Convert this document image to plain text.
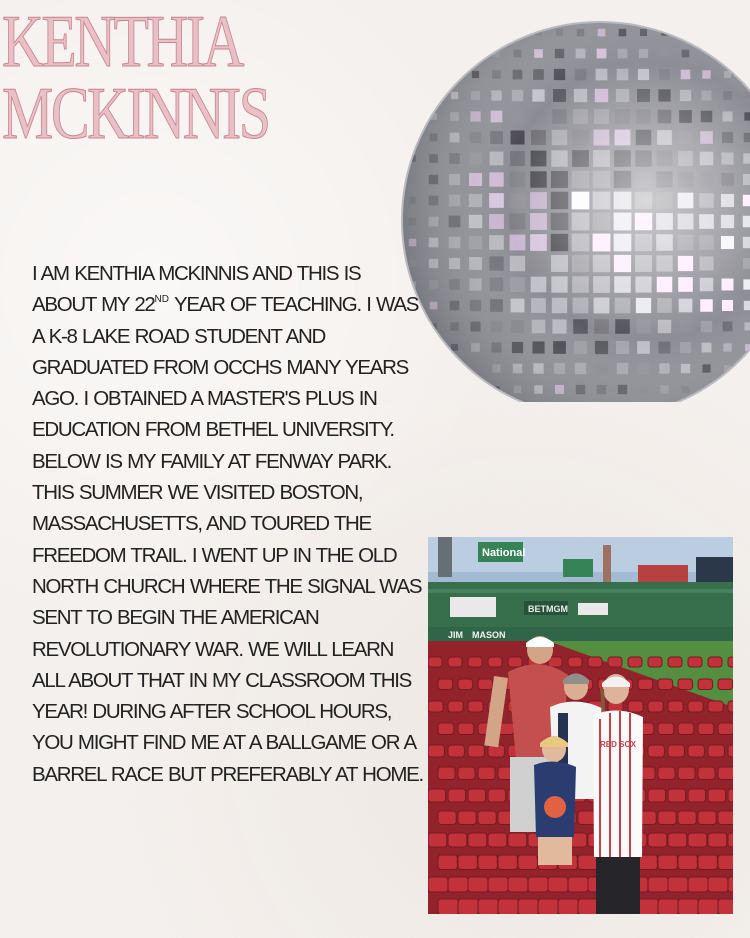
KENTHIA
MCKINNIS

I AM KENTHIA MCKINNIS AND THIS IS ABOUT MY 22ND YEAR OF TEACHING. I WAS A K-8 LAKE ROAD STUDENT AND GRADUATED FROM OCCHS MANY YEARS AGO. I OBTAINED A MASTER'S PLUS IN EDUCATION FROM BETHEL UNIVERSITY. BELOW IS MY FAMILY AT FENWAY PARK. THIS SUMMER WE VISITED BOSTON, MASSACHUSETTS, AND TOURED THE FREEDOM TRAIL. I WENT UP IN THE OLD NORTH CHURCH WHERE THE SIGNAL WAS SENT TO BEGIN THE AMERICAN REVOLUTIONARY WAR. WE WILL LEARN ALL ABOUT THAT IN MY CLASSROOM THIS YEAR! DURING AFTER SCHOOL HOURS, YOU MIGHT FIND ME AT A BALLGAME OR A BARREL RACE BUT PREFERABLY AT HOME.

National
BETMGM
JIM MASON
RED SOX
